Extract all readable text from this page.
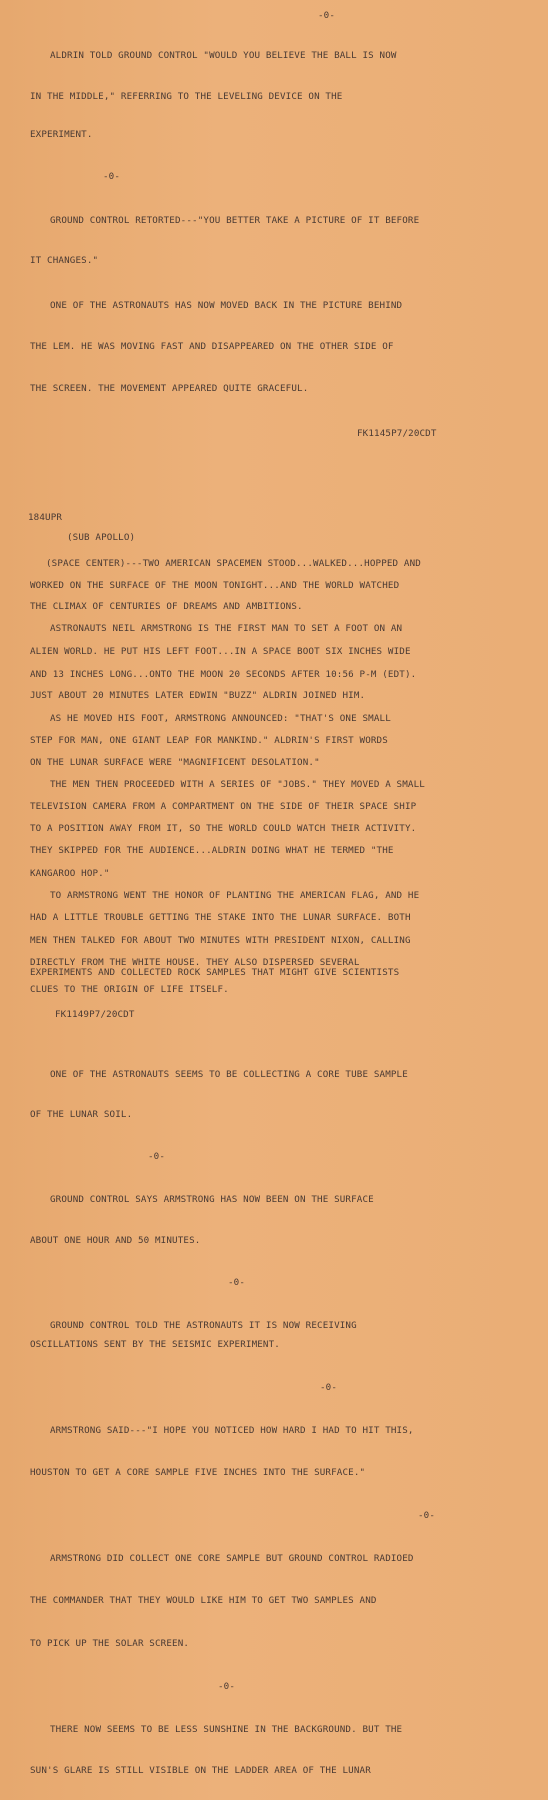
-0-
ALDRIN TOLD GROUND CONTROL "WOULD YOU BELIEVE THE BALL IS NOW
IN THE MIDDLE," REFERRING TO THE LEVELING DEVICE ON THE
EXPERIMENT.
-0-
GROUND CONTROL RETORTED---"YOU BETTER TAKE A PICTURE OF IT BEFORE
IT CHANGES."
ONE OF THE ASTRONAUTS HAS NOW MOVED BACK IN THE PICTURE BEHIND
THE LEM. HE WAS MOVING FAST AND DISAPPEARED ON THE OTHER SIDE OF
THE SCREEN. THE MOVEMENT APPEARED QUITE GRACEFUL.
FK1145P7/20CDT
184UPR
(SUB APOLLO)
(SPACE CENTER)---TWO AMERICAN SPACEMEN STOOD...WALKED...HOPPED AND
WORKED ON THE SURFACE OF THE MOON TONIGHT...AND THE WORLD WATCHED
THE CLIMAX OF CENTURIES OF DREAMS AND AMBITIONS.
ASTRONAUTS NEIL ARMSTRONG IS THE FIRST MAN TO SET A FOOT ON AN
ALIEN WORLD. HE PUT HIS LEFT FOOT...IN A SPACE BOOT SIX INCHES WIDE
AND 13 INCHES LONG...ONTO THE MOON 20 SECONDS AFTER 10:56 P-M (EDT).
JUST ABOUT 20 MINUTES LATER EDWIN "BUZZ" ALDRIN JOINED HIM.
AS HE MOVED HIS FOOT, ARMSTRONG ANNOUNCED: "THAT'S ONE SMALL
STEP FOR MAN, ONE GIANT LEAP FOR MANKIND." ALDRIN'S FIRST WORDS
ON THE LUNAR SURFACE WERE "MAGNIFICENT DESOLATION."
THE MEN THEN PROCEEDED WITH A SERIES OF "JOBS." THEY MOVED A SMALL
TELEVISION CAMERA FROM A COMPARTMENT ON THE SIDE OF THEIR SPACE SHIP
TO A POSITION AWAY FROM IT, SO THE WORLD COULD WATCH THEIR ACTIVITY.
THEY SKIPPED FOR THE AUDIENCE...ALDRIN DOING WHAT HE TERMED "THE
KANGAROO HOP."
TO ARMSTRONG WENT THE HONOR OF PLANTING THE AMERICAN FLAG, AND HE
HAD A LITTLE TROUBLE GETTING THE STAKE INTO THE LUNAR SURFACE. BOTH
MEN THEN TALKED FOR ABOUT TWO MINUTES WITH PRESIDENT NIXON, CALLING
DIRECTLY FROM THE WHITE HOUSE. THEY ALSO DISPERSED SEVERAL
EXPERIMENTS AND COLLECTED ROCK SAMPLES THAT MIGHT GIVE SCIENTISTS
CLUES TO THE ORIGIN OF LIFE ITSELF.
FK1149P7/20CDT
ONE OF THE ASTRONAUTS SEEMS TO BE COLLECTING A CORE TUBE SAMPLE
OF THE LUNAR SOIL.
-0-
GROUND CONTROL SAYS ARMSTRONG HAS NOW BEEN ON THE SURFACE
ABOUT ONE HOUR AND 50 MINUTES.
-0-
GROUND CONTROL TOLD THE ASTRONAUTS IT IS NOW RECEIVING
OSCILLATIONS SENT BY THE SEISMIC EXPERIMENT.
-0-
ARMSTRONG SAID---"I HOPE YOU NOTICED HOW HARD I HAD TO HIT THIS,
HOUSTON TO GET A CORE SAMPLE FIVE INCHES INTO THE SURFACE."
-0-
ARMSTRONG DID COLLECT ONE CORE SAMPLE BUT GROUND CONTROL RADIOED
THE COMMANDER THAT THEY WOULD LIKE HIM TO GET TWO SAMPLES AND
TO PICK UP THE SOLAR SCREEN.
-0-
THERE NOW SEEMS TO BE LESS SUNSHINE IN THE BACKGROUND. BUT THE
SUN'S GLARE IS STILL VISIBLE ON THE LADDER AREA OF THE LUNAR
